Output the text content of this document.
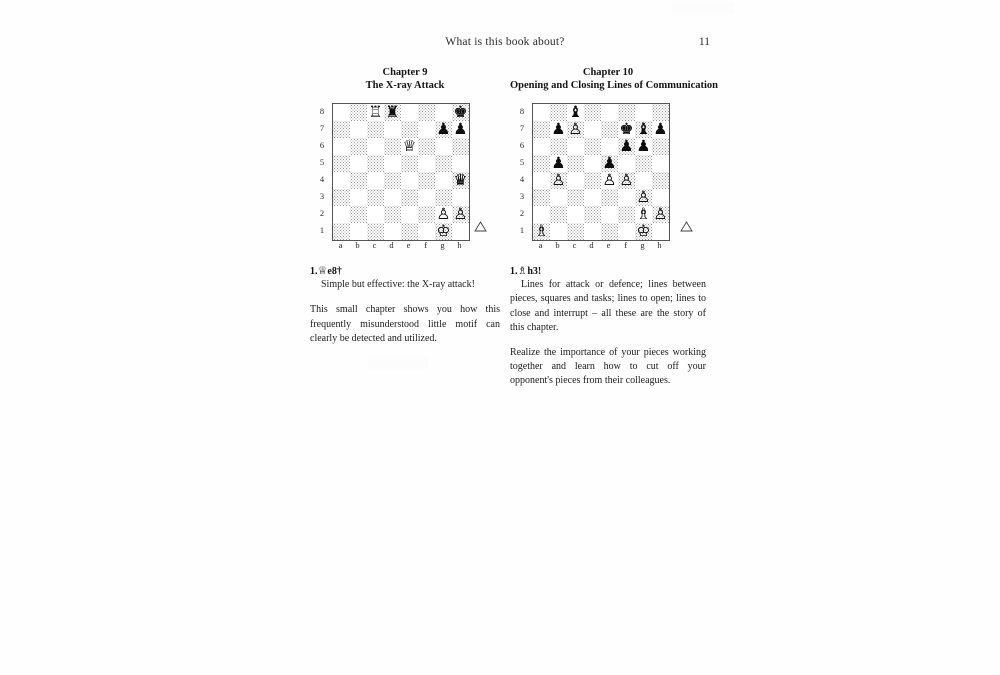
What is this book about?	11
Chapter 9
The X-ray Attack
8
7
6
5
4
3
2
1
♖ ♜	♚
♟ ♟
♕
♛
♙ ♙
♔
a	b	c	d	e	f	g	h
1.♕e8†

Simple but effective: the X-ray attack!

This small chapter shows you how this frequently misunderstood little motif can clearly be detected and utilized.

Chapter 10
Opening and Closing Lines of Communication
8
7
6
5
4
3
2
1
♝
♟ ♙ ♚ ♝ ♟
♟ ♟
♟ ♟
♙ ♙ ♙
♙
♗ ♙
♗	♔
a	b	c	d	e	f	g	h
1.♗h3!

Lines for attack or defence; lines between pieces, squares and tasks; lines to open; lines to close and interrupt – all these are the story of this chapter.

Realize the importance of your pieces working together and learn how to cut off your opponent's pieces from their colleagues.
